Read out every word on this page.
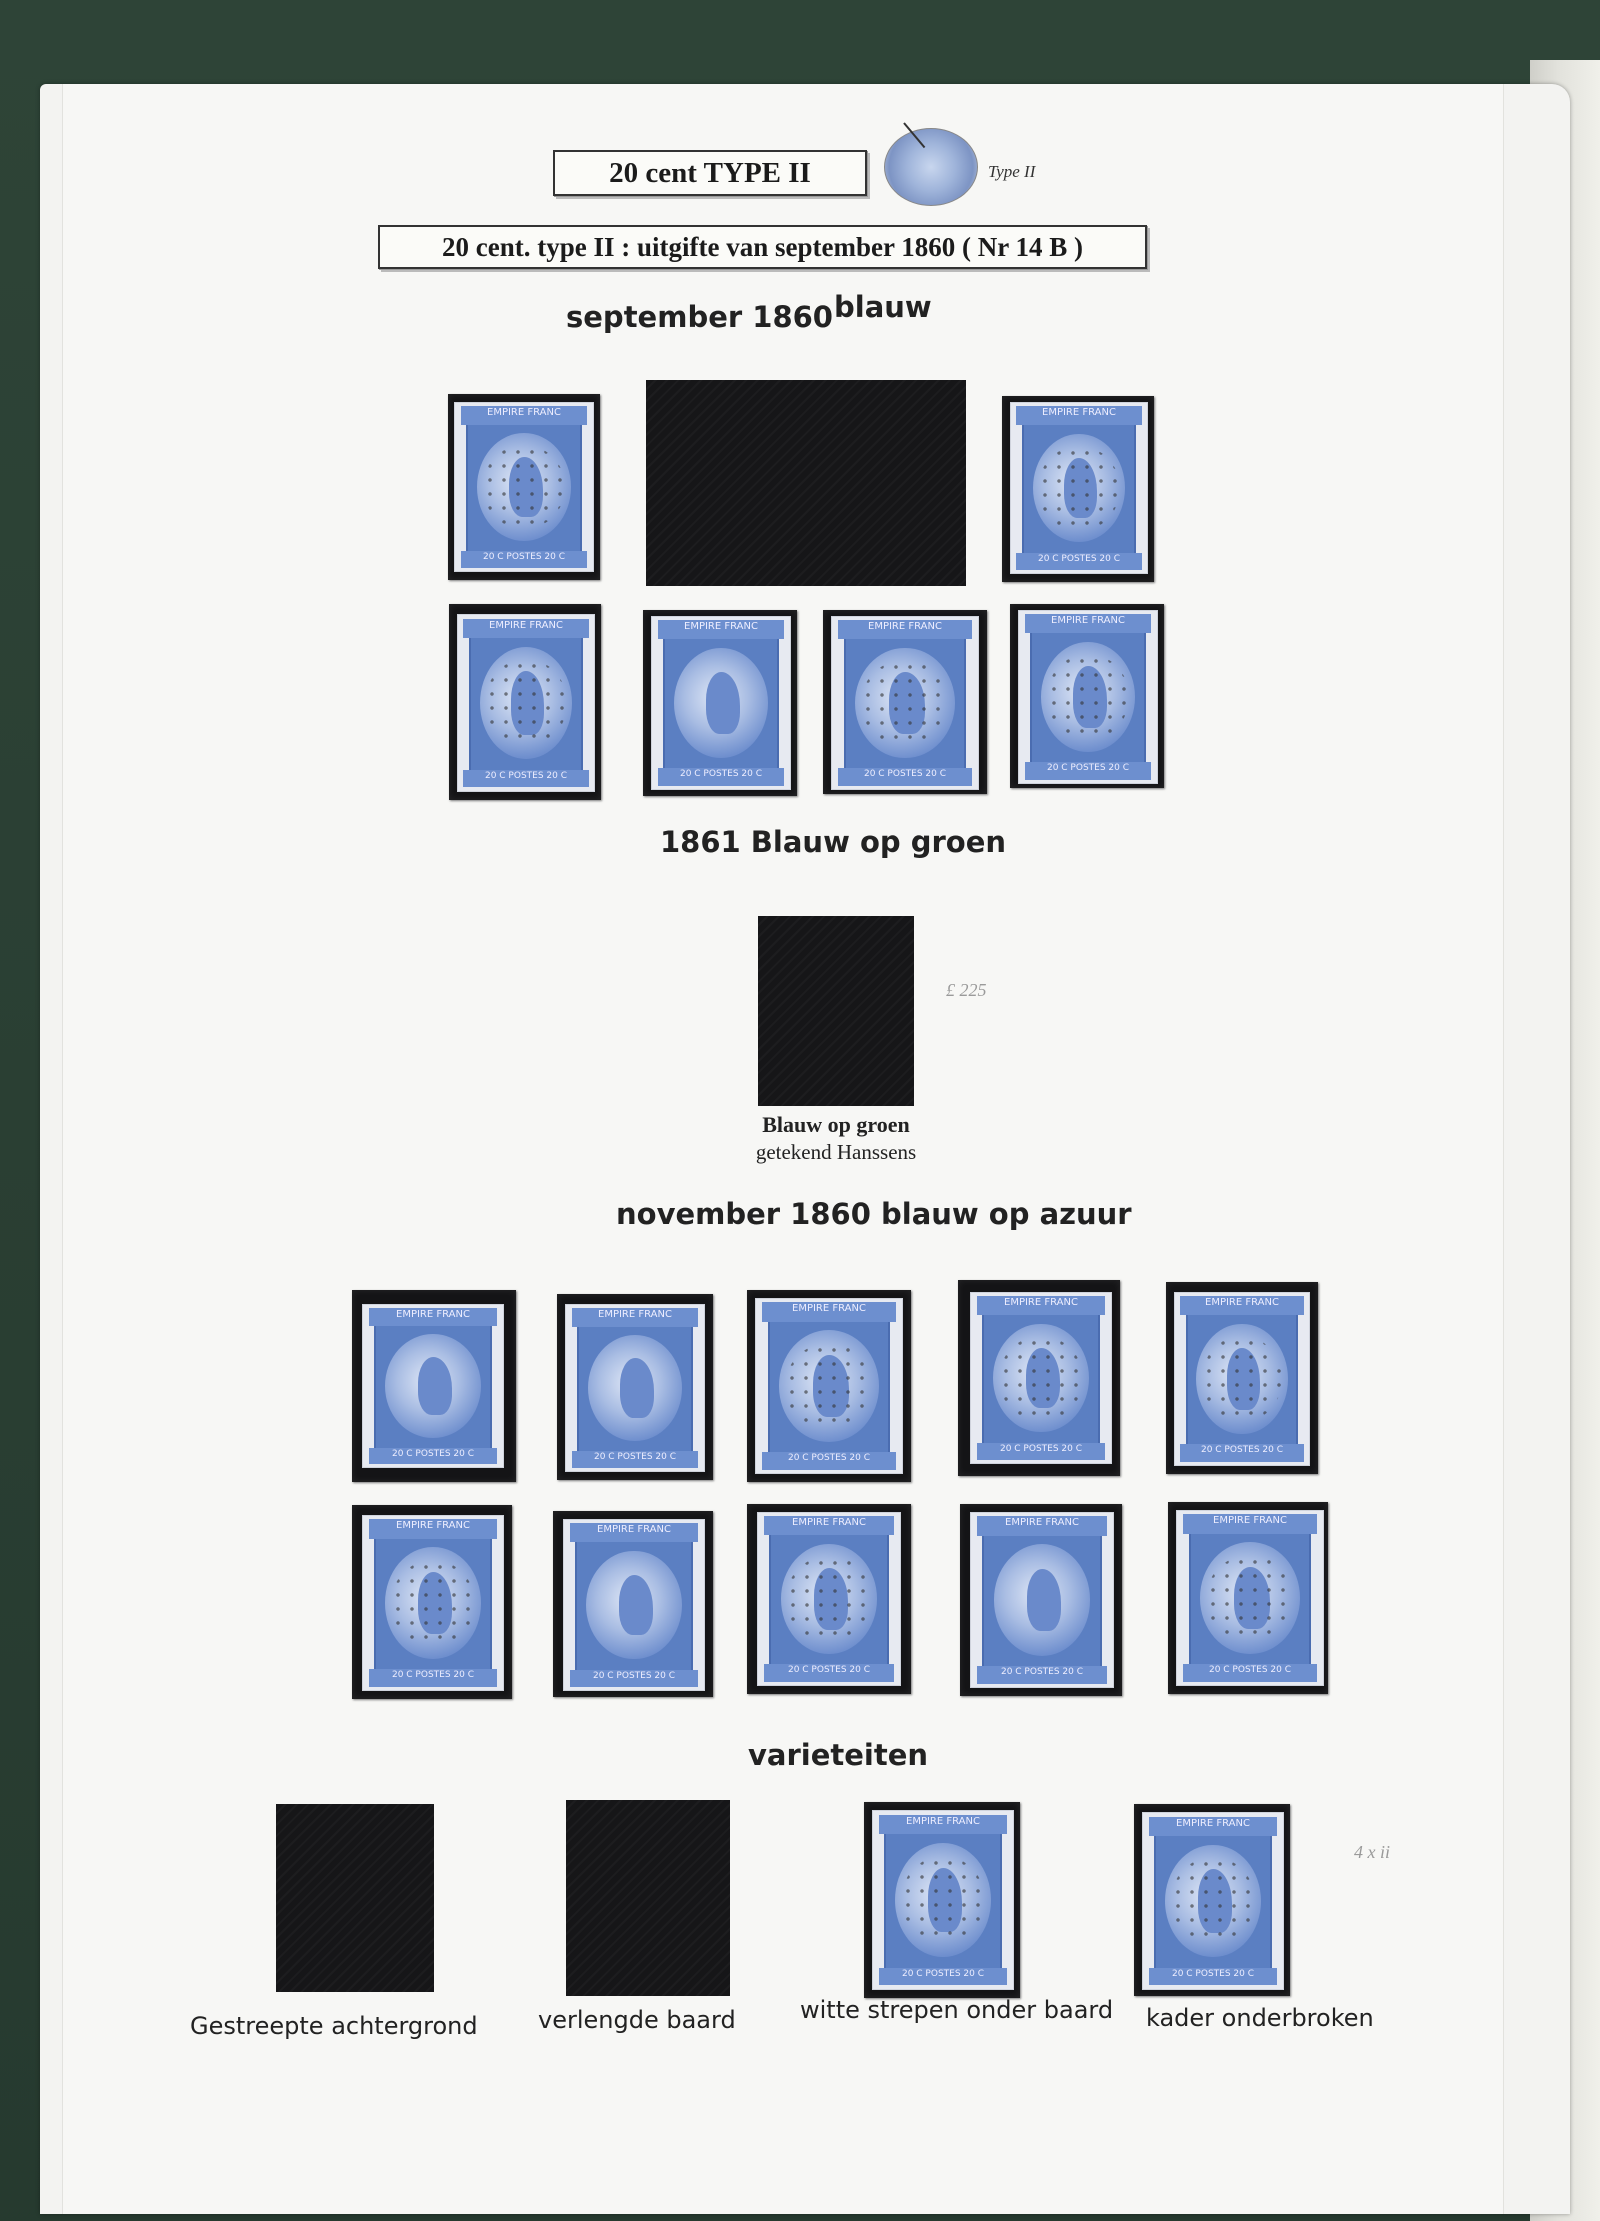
20 cent TYPE II	Type II
20 cent. type II : uitgifte van september 1860 ( Nr 14 B )
september 1860 blauw
EMPIRE FRANC
20 C POSTES 20 C
EMPIRE FRANC
20 C POSTES 20 C
EMPIRE FRANC
20 C POSTES 20 C
EMPIRE FRANC
20 C POSTES 20 C
EMPIRE FRANC
20 C POSTES 20 C
EMPIRE FRANC
20 C POSTES 20 C
1861 Blauw op groen
Blauw op groen
getekend Hanssens
£ 225
november 1860 blauw op azuur
EMPIRE FRANC
20 C POSTES 20 C
EMPIRE FRANC
20 C POSTES 20 C
EMPIRE FRANC
20 C POSTES 20 C
EMPIRE FRANC
20 C POSTES 20 C
EMPIRE FRANC
20 C POSTES 20 C
EMPIRE FRANC
20 C POSTES 20 C
EMPIRE FRANC
20 C POSTES 20 C
EMPIRE FRANC
20 C POSTES 20 C
EMPIRE FRANC
20 C POSTES 20 C
EMPIRE FRANC
20 C POSTES 20 C
varieteiten
EMPIRE FRANC
20 C POSTES 20 C
EMPIRE FRANC
20 C POSTES 20 C
Gestreepte achtergrond	verlengde baard	witte strepen onder baard kader onderbroken
4 x ii
